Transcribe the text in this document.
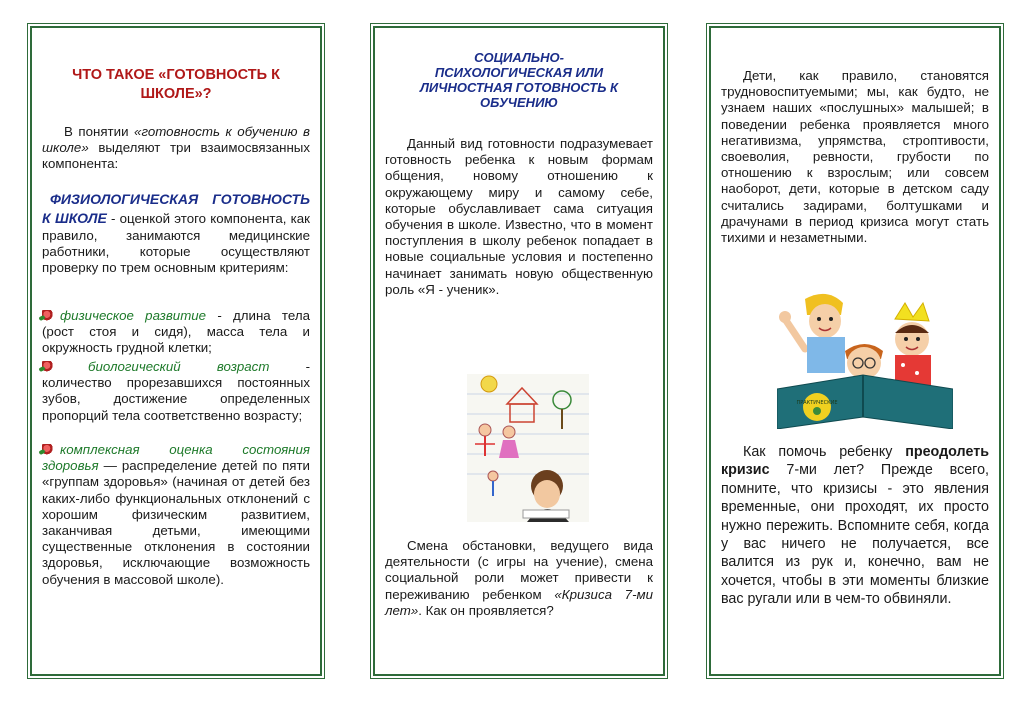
ЧТО ТАКОЕ «ГОТОВНОСТЬ К ШКОЛЕ»?

В понятии «готовность к обучению в школе» выделяют три взаимосвязанных компонента:

ФИЗИОЛОГИЧЕСКАЯ ГОТОВНОСТЬ К ШКОЛЕ - оценкой этого компонента, как правило, занимаются медицинские работники, которые осуществляют проверку по трем основным критериям:

физическое развитие - длина тела (рост стоя и сидя), масса тела и окружность грудной клетки;

биологический возраст - количество прорезавшихся постоянных зубов, достижение определенных пропорций тела соответственно возрасту;

комплексная оценка состояния здоровья — распределение детей по пяти «группам здоровья» (начиная от детей без каких-либо функциональных отклонений с хорошим физическим развитием, заканчивая детьми, имеющими существенные отклонения в состоянии здоровья, исключающие возможность обучения в массовой школе).

СОЦИАЛЬНО-ПСИХОЛОГИЧЕСКАЯ ИЛИ ЛИЧНОСТНАЯ ГОТОВНОСТЬ К ОБУЧЕНИЮ

Данный вид готовности подразумевает готовность ребенка к новым формам общения, новому отношению к окружающему миру и самому себе, которые обуславливает сама ситуация обучения в школе. Известно, что в момент поступления в школу ребенок попадает в новые социальные условия и постепенно начинает занимать новую общественную роль «Я - ученик».

Смена обстановки, ведущего вида деятельности (с игры на учение), смена социальной роли может привести к переживанию ребенком «Кризиса 7-ми лет». Как он проявляется?

Дети, как правило, становятся трудновоспитуемыми; мы, как будто, не узнаем наших «послушных» малышей; в поведении ребенка проявляется много негативизма, упрямства, строптивости, своеволия, ревности, грубости по отношению к взрослым; или совсем наоборот, дети, которые в детском саду считались задирами, болтушками и драчунами в период кризиса могут стать тихими и незаметными.

ПРАКТИЧЕСКИЕ

Как помочь ребенку преодолеть кризис 7-ми лет? Прежде всего, помните, что кризисы - это явления временные, они проходят, их просто нужно пережить. Вспомните себя, когда у вас ничего не получается, все валится из рук и, конечно, вам не хочется, чтобы в эти моменты близкие вас ругали или в чем-то обвиняли.
